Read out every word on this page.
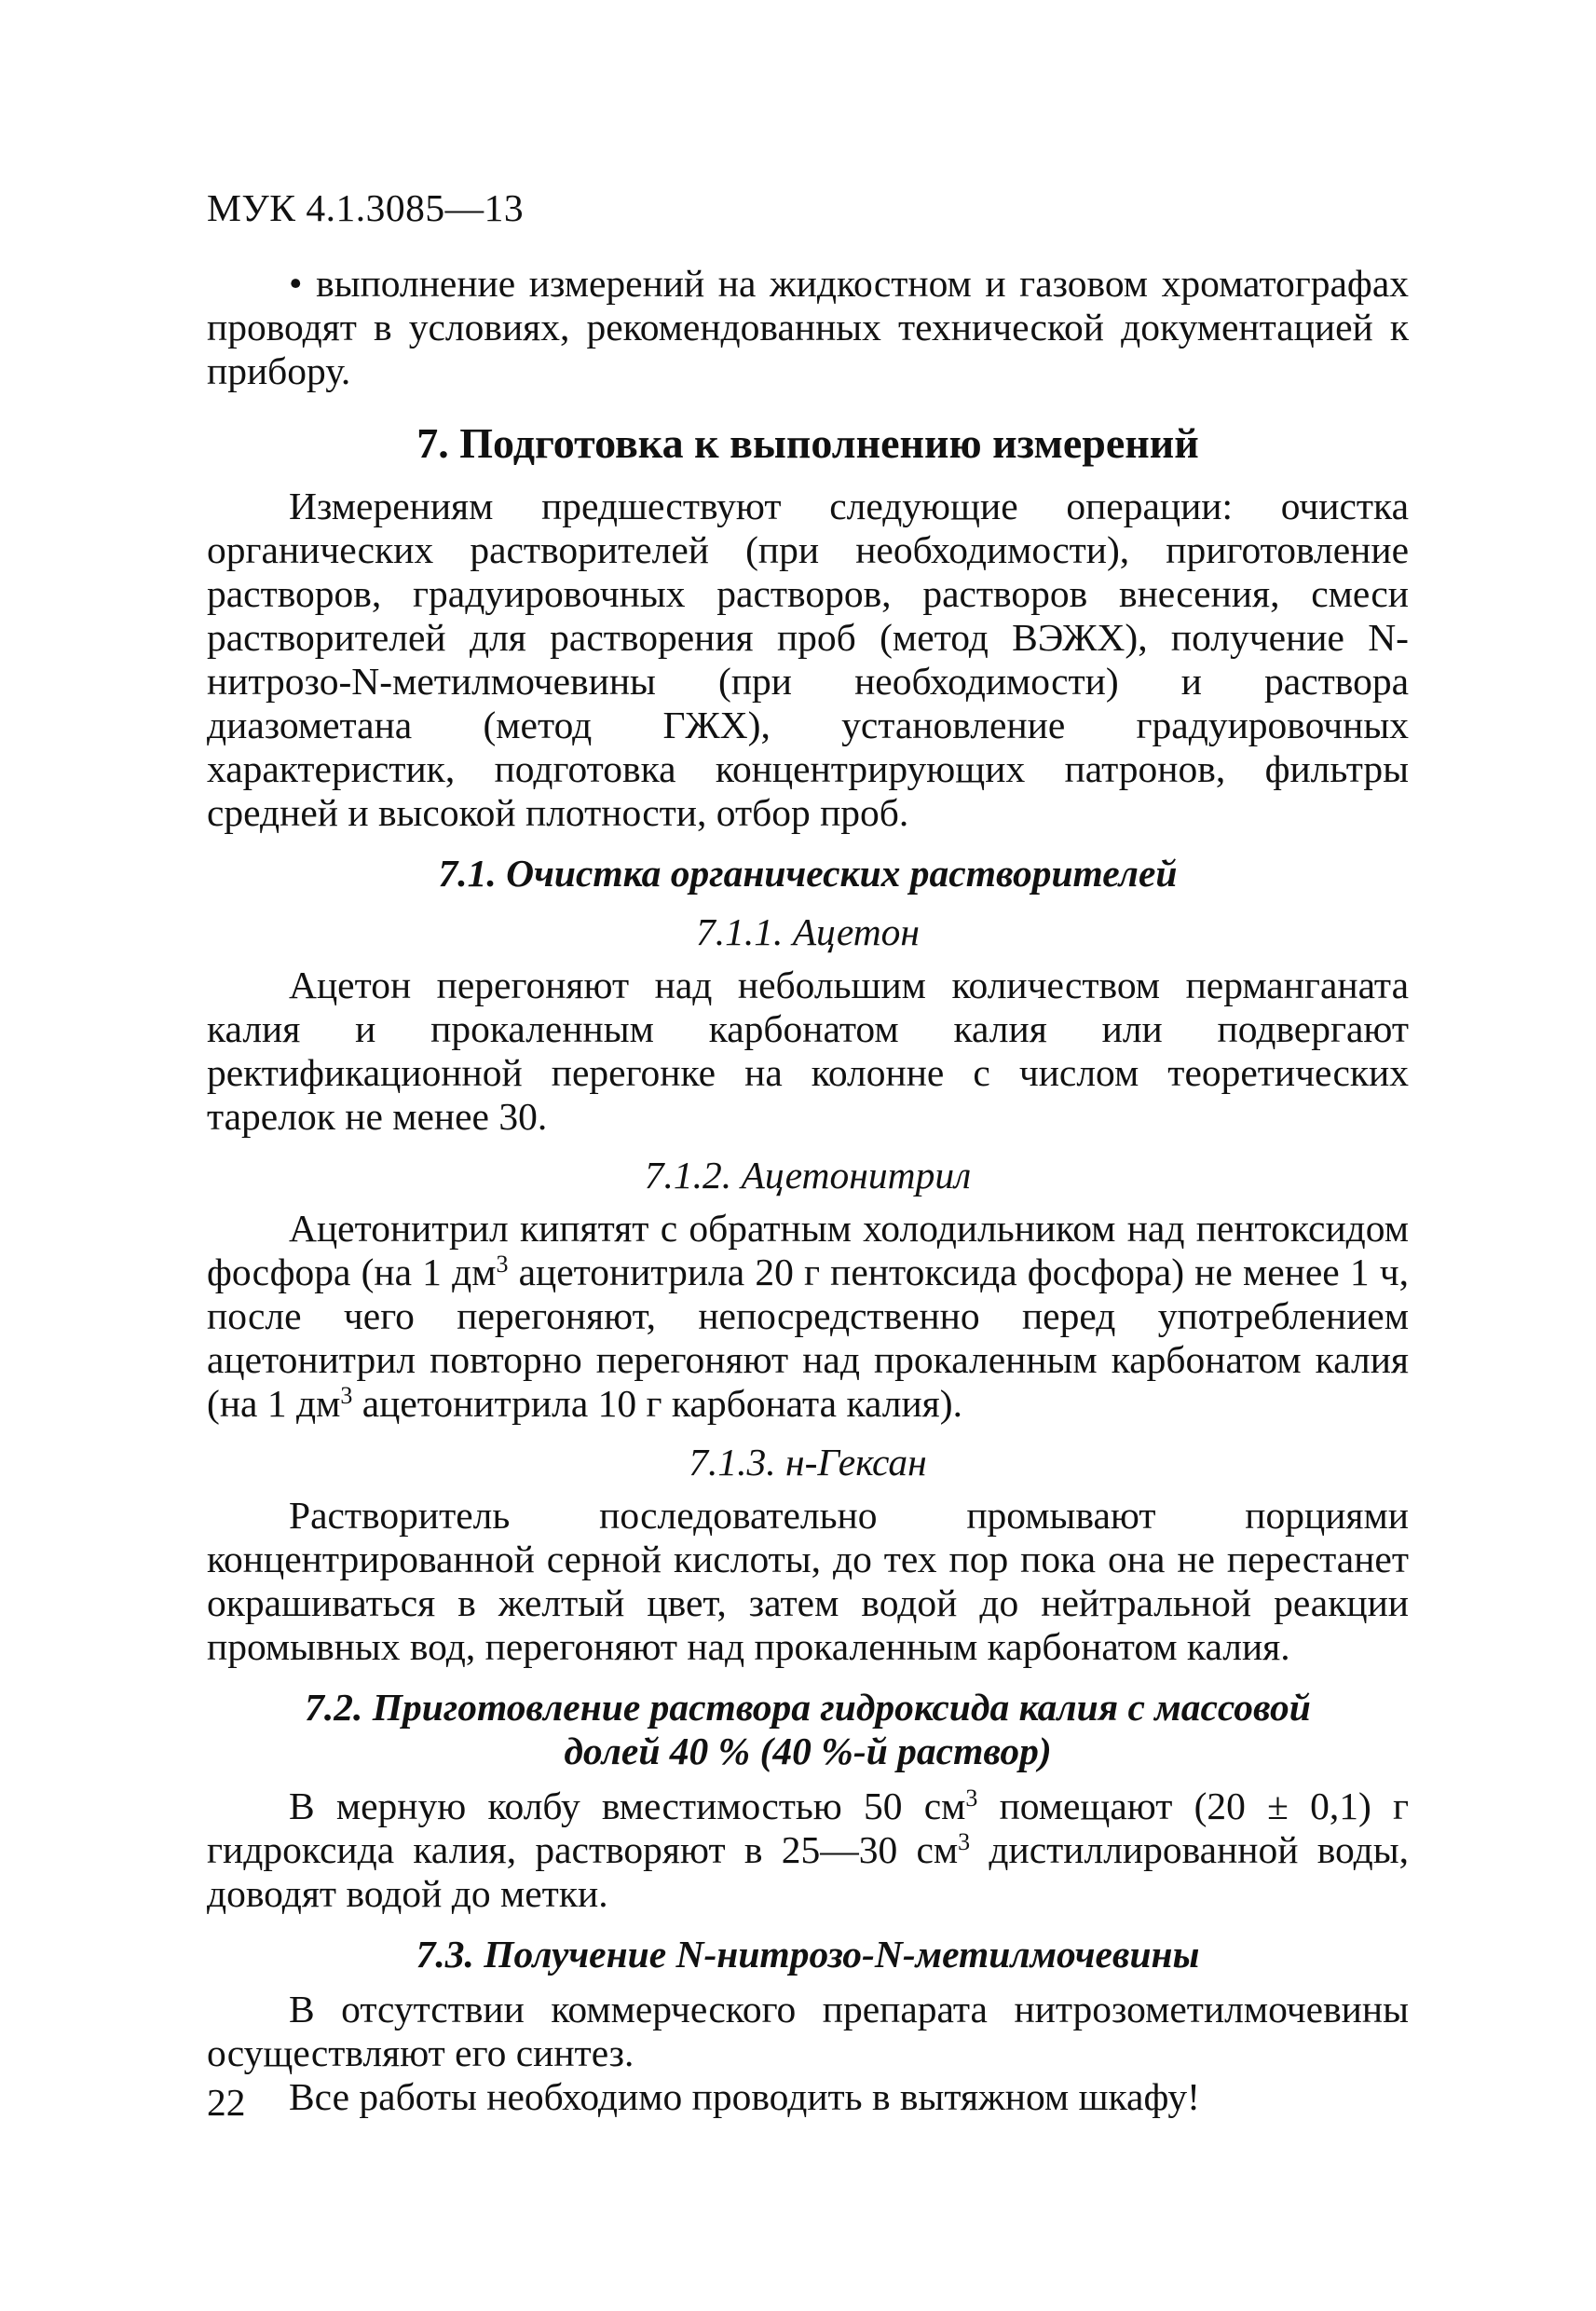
МУК 4.1.3085—13

• выполнение измерений на жидкостном и газовом хроматографах проводят в условиях, рекомендованных технической документацией к прибору.

7. Подготовка к выполнению измерений

Измерениям предшествуют следующие операции: очистка органических растворителей (при необходимости), приготовление растворов, градуировочных растворов, растворов внесения, смеси растворителей для растворения проб (метод ВЭЖХ), получение N-нитрозо-N-метилмочевины (при необходимости) и раствора диазометана (метод ГЖХ), установление градуировочных характеристик, подготовка концентрирующих патронов, фильтры средней и высокой плотности, отбор проб.

7.1. Очистка органических растворителей
7.1.1. Ацетон

Ацетон перегоняют над небольшим количеством перманганата калия и прокаленным карбонатом калия или подвергают ректификационной перегонке на колонне с числом теоретических тарелок не менее 30.

7.1.2. Ацетонитрил

Ацетонитрил кипятят с обратным холодильником над пентоксидом фосфора (на 1 $дм^3$ ацетонитрила 20 г пентоксида фосфора) не менее 1 ч, после чего перегоняют, непосредственно перед употреблением ацетонитрил повторно перегоняют над прокаленным карбонатом калия (на 1 $дм^3$ ацетонитрила 10 г карбоната калия).

7.1.3. н-Гексан

Растворитель последовательно промывают порциями концентрированной серной кислоты, до тех пор пока она не перестанет окрашиваться в желтый цвет, затем водой до нейтральной реакции промывных вод, перегоняют над прокаленным карбонатом калия.

7.2. Приготовление раствора гидроксида калия с массовой
долей 40 % (40 %-й раствор)

В мерную колбу вместимостью 50 $см^3$ помещают (20 ± 0,1) г гидроксида калия, растворяют в 25—30 $см^3$ дистиллированной воды, доводят водой до метки.

7.3. Получение N-нитрозо-N-метилмочевины

В отсутствии коммерческого препарата нитрозометилмочевины осуществляют его синтез.

Все работы необходимо проводить в вытяжном шкафу!

22
